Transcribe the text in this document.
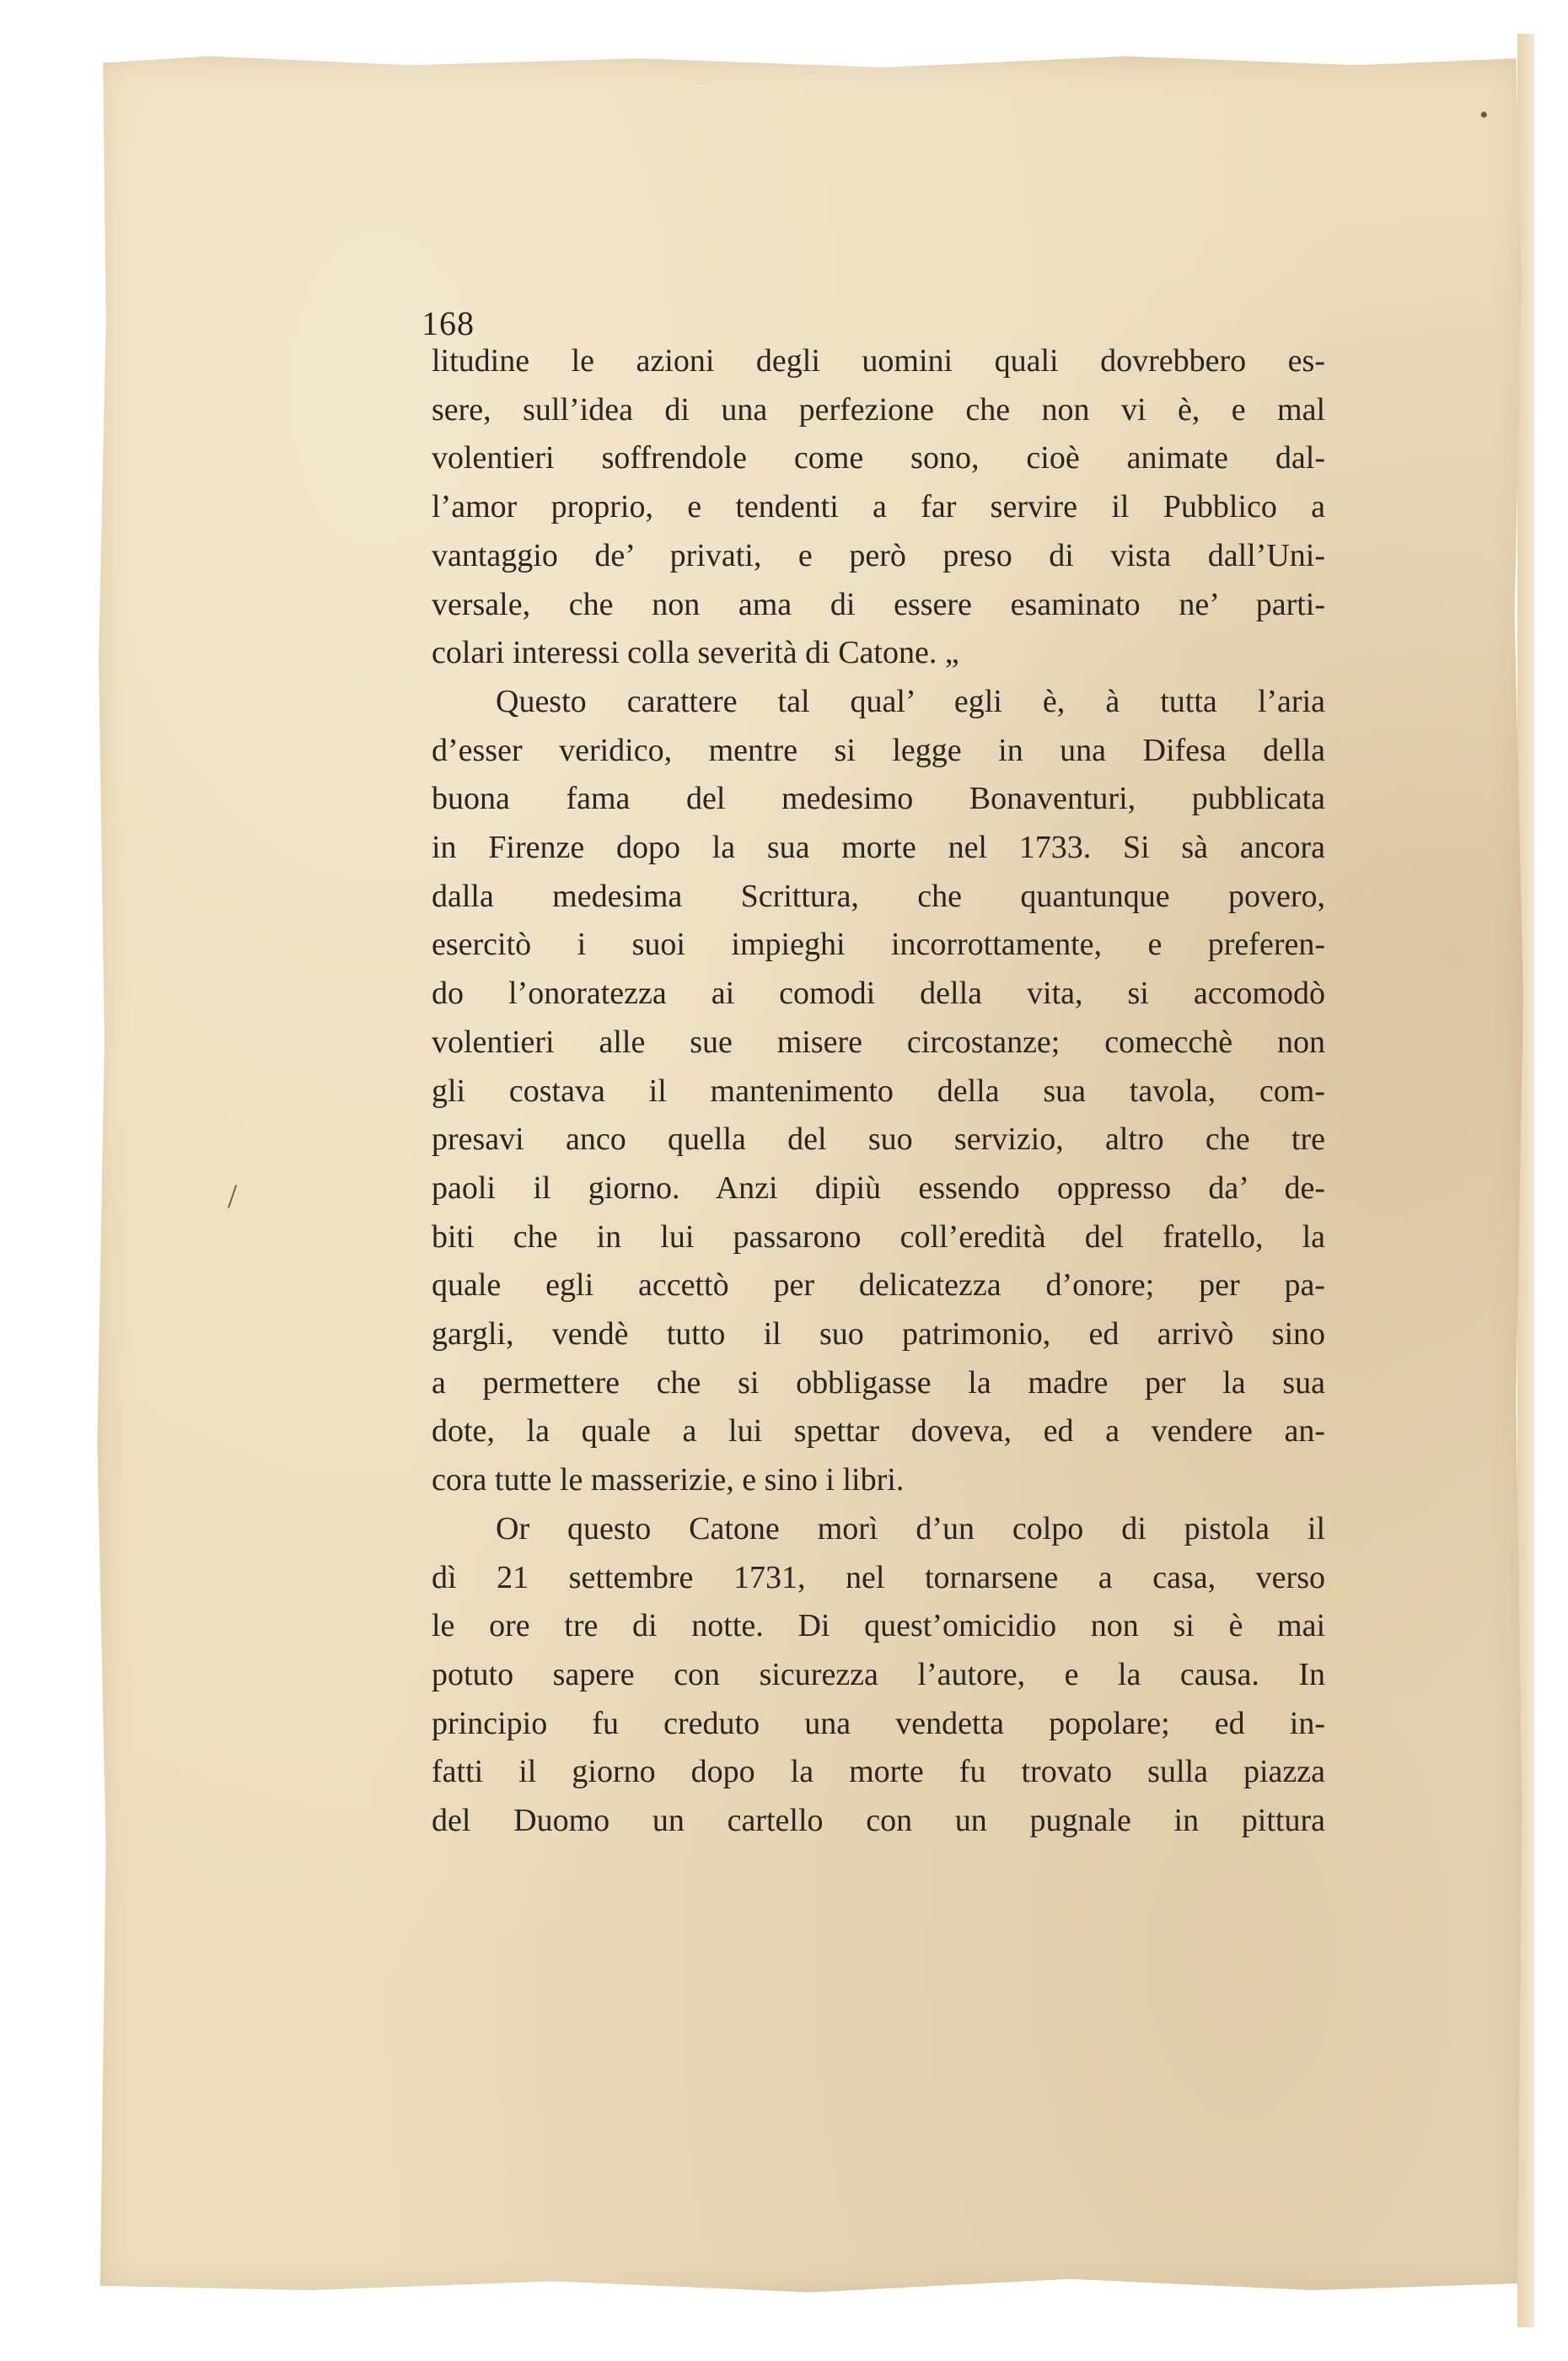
•
/
168
litudine le azioni degli uomini quali dovrebbero es-
sere, sull’idea di una perfezione che non vi è, e mal
volentieri soffrendole come sono, cioè animate dal-
l’amor proprio, e tendenti a far servire il Pubblico a
vantaggio de’ privati, e però preso di vista dall’Uni-
versale, che non ama di essere esaminato ne’ parti-
colari interessi colla severità di Catone. „
Questo carattere tal qual’ egli è, à tutta l’aria
d’esser veridico, mentre si legge in una Difesa della
buona fama del medesimo Bonaventuri, pubblicata
in Firenze dopo la sua morte nel 1733. Si sà ancora
dalla medesima Scrittura, che quantunque povero,
esercitò i suoi impieghi incorrottamente, e preferen-
do l’onoratezza ai comodi della vita, si accomodò
volentieri alle sue misere circostanze; comecchè non
gli costava il mantenimento della sua tavola, com-
presavi anco quella del suo servizio, altro che tre
paoli il giorno. Anzi dipiù essendo oppresso da’ de-
biti che in lui passarono coll’eredità del fratello, la
quale egli accettò per delicatezza d’onore; per pa-
gargli, vendè tutto il suo patrimonio, ed arrivò sino
a permettere che si obbligasse la madre per la sua
dote, la quale a lui spettar doveva, ed a vendere an-
cora tutte le masserizie, e sino i libri.
Or questo Catone morì d’un colpo di pistola il
dì 21 settembre 1731, nel tornarsene a casa, verso
le ore tre di notte. Di quest’omicidio non si è mai
potuto sapere con sicurezza l’autore, e la causa. In
principio fu creduto una vendetta popolare; ed in-
fatti il giorno dopo la morte fu trovato sulla piazza
del Duomo un cartello con un pugnale in pittura
